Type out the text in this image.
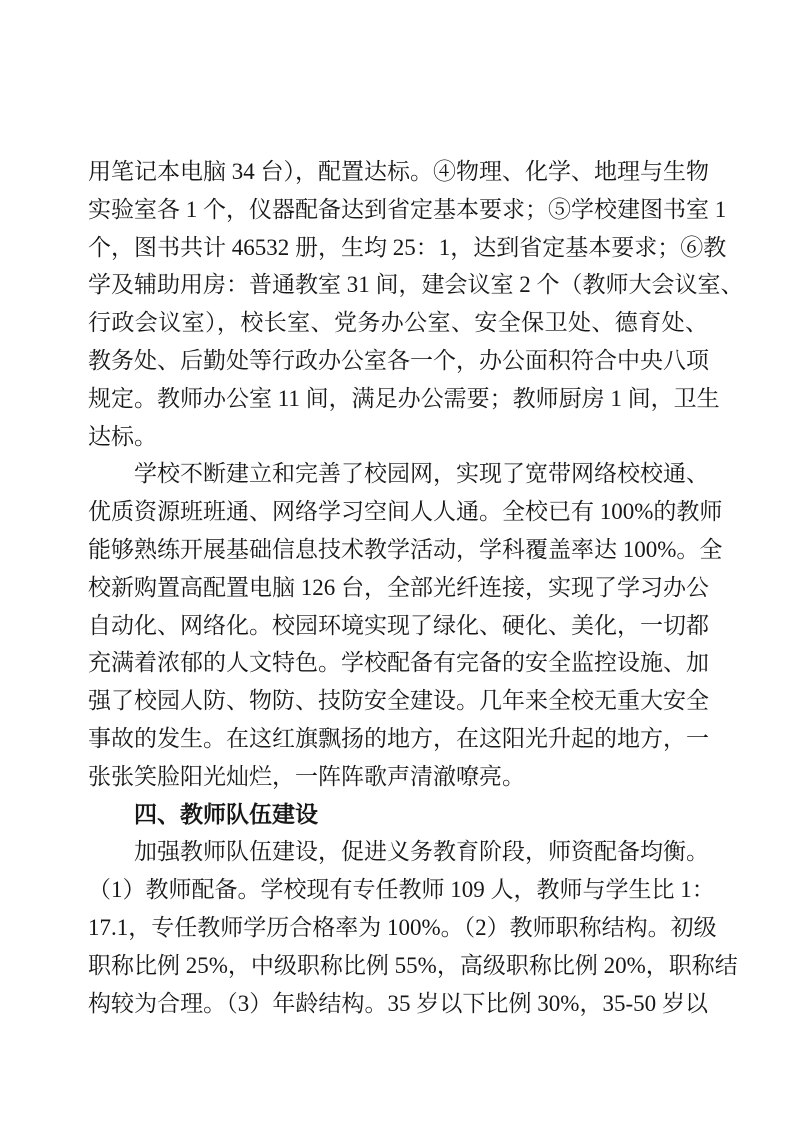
用笔记本电脑 34 台），配置达标。④物理、化学、地理与生物
实验室各 1 个，仪器配备达到省定基本要求；⑤学校建图书室 1
个，图书共计 46532 册，生均 25：1，达到省定基本要求；⑥教
学及辅助用房：普通教室 31 间，建会议室 2 个（教师大会议室、
行政会议室），校长室、党务办公室、安全保卫处、德育处、
教务处、后勤处等行政办公室各一个，办公面积符合中央八项
规定。教师办公室 11 间，满足办公需要；教师厨房 1 间，卫生
达标。
学校不断建立和完善了校园网，实现了宽带网络校校通、
优质资源班班通、网络学习空间人人通。全校已有 100%的教师
能够熟练开展基础信息技术教学活动，学科覆盖率达 100%。全
校新购置高配置电脑 126 台，全部光纤连接，实现了学习办公
自动化、网络化。校园环境实现了绿化、硬化、美化，一切都
充满着浓郁的人文特色。学校配备有完备的安全监控设施、加
强了校园人防、物防、技防安全建设。几年来全校无重大安全
事故的发生。在这红旗飘扬的地方，在这阳光升起的地方，一
张张笑脸阳光灿烂，一阵阵歌声清澈嘹亮。
四、教师队伍建设
加强教师队伍建设，促进义务教育阶段，师资配备均衡。
（1）教师配备。学校现有专任教师 109 人，教师与学生比 1：
17.1，专任教师学历合格率为 100%。（2）教师职称结构。初级
职称比例 25%，中级职称比例 55%，高级职称比例 20%，职称结
构较为合理。（3）年龄结构。35 岁以下比例 30%，35-50 岁以
